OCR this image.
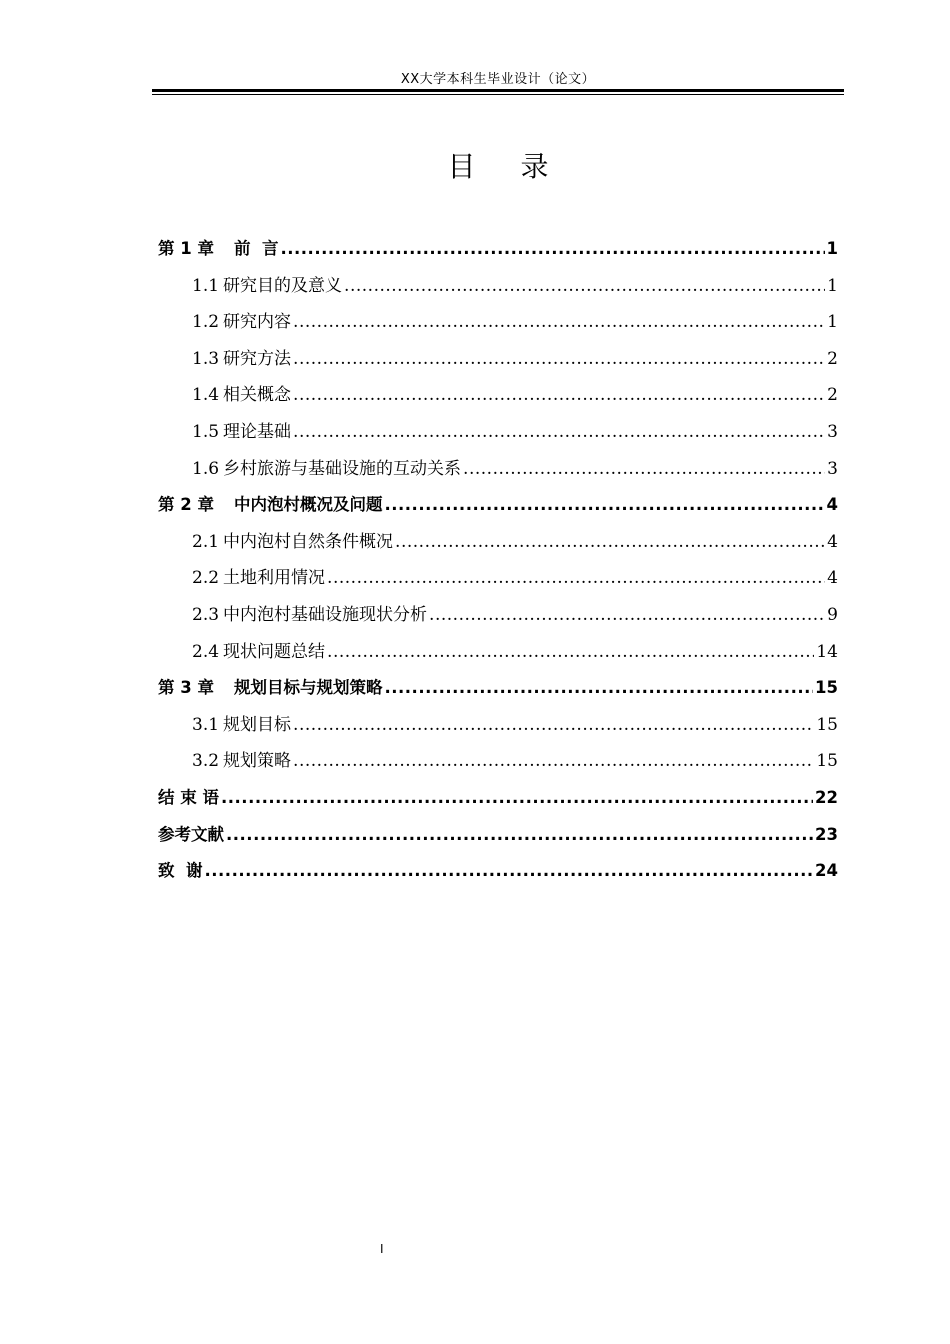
XX大学本科生毕业设计（论文）
目 录
第 1 章 前  言 .....	1
1.1 研究目的及意义 .....	1
1.2 研究内容 .....	1
1.3 研究方法 .....	2
1.4 相关概念 .....	2
1.5 理论基础 .....	3
1.6 乡村旅游与基础设施的互动关系 .....	3
第 2 章 中内泡村概况及问题 .....	4
2.1 中内泡村自然条件概况 .....	4
2.2 土地利用情况 .....	4
2.3 中内泡村基础设施现状分析 .....	9
2.4 现状问题总结 .....	14
第 3 章 规划目标与规划策略 .....	15
3.1 规划目标 .....	15
3.2 规划策略 .....	15
结 束 语 .....	22
参考文献 .....	23
致  谢 .....	24
I
